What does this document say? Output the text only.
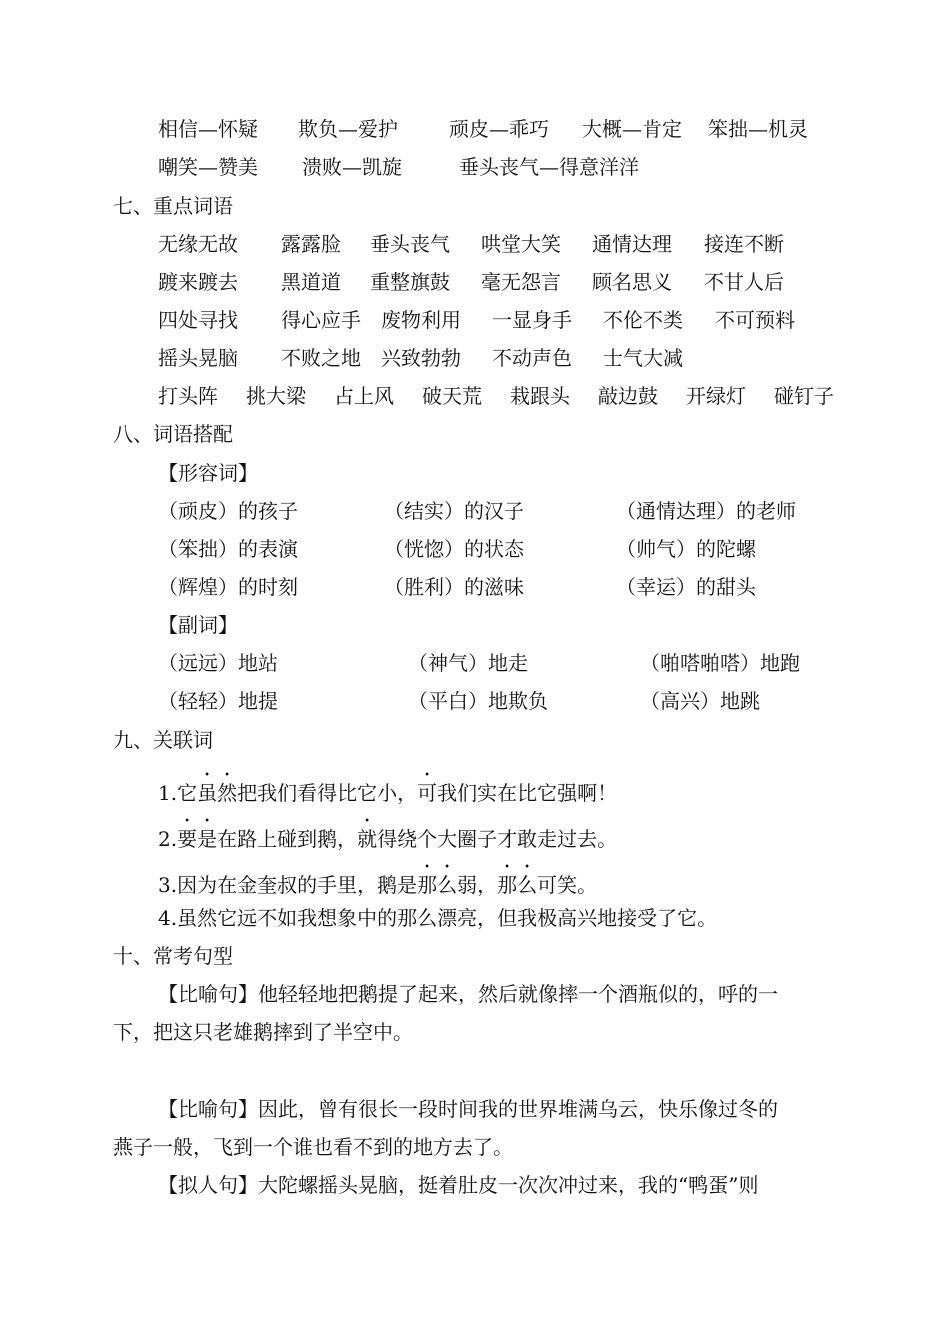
相信—怀疑 欺负—爱护	顽皮—乖巧 大概—肯定 笨拙—机灵
嘲笑—赞美 溃败—凯旋	垂头丧气—得意洋洋
七、重点词语
无缘无故 露露脸 垂头丧气 哄堂大笑 通情达理 接连不断
踱来踱去 黑道道 重整旗鼓 毫无怨言 顾名思义 不甘人后
四处寻找 得心应手 废物利用 一显身手 不伦不类 不可预料
摇头晃脑 不败之地 兴致勃勃 不动声色 士气大减
打头阵 挑大梁 占上风 破天荒 栽跟头 敲边鼓 开绿灯 碰钉子
八、词语搭配
【形容词】
（顽皮）的孩子	（结实）的汉子	（通情达理）的老师
（笨拙）的表演	（恍惚）的状态	（帅气）的陀螺
（辉煌）的时刻	（胜利）的滋味	（幸运）的甜头
【副词】
（远远）地站	（神气）地走	（啪嗒啪嗒）地跑
（轻轻）地提	（平白）地欺负	（高兴）地跳
九、关联词
1.它虽然把我们看得比它小，可我们实在比它强啊！
2.要是在路上碰到鹅，就得绕个大圈子才敢走过去。
3.因为在金奎叔的手里，鹅是那么弱，那么可笑。
4.虽然它远不如我想象中的那么漂亮，但我极高兴地接受了它。
十、常考句型
【比喻句】他轻轻地把鹅提了起来，然后就像摔一个酒瓶似的，呼的一
下，把这只老雄鹅摔到了半空中。
【比喻句】因此，曾有很长一段时间我的世界堆满乌云，快乐像过冬的
燕子一般，飞到一个谁也看不到的地方去了。
【拟人句】大陀螺摇头晃脑，挺着肚皮一次次冲过来，我的“鸭蛋”则
